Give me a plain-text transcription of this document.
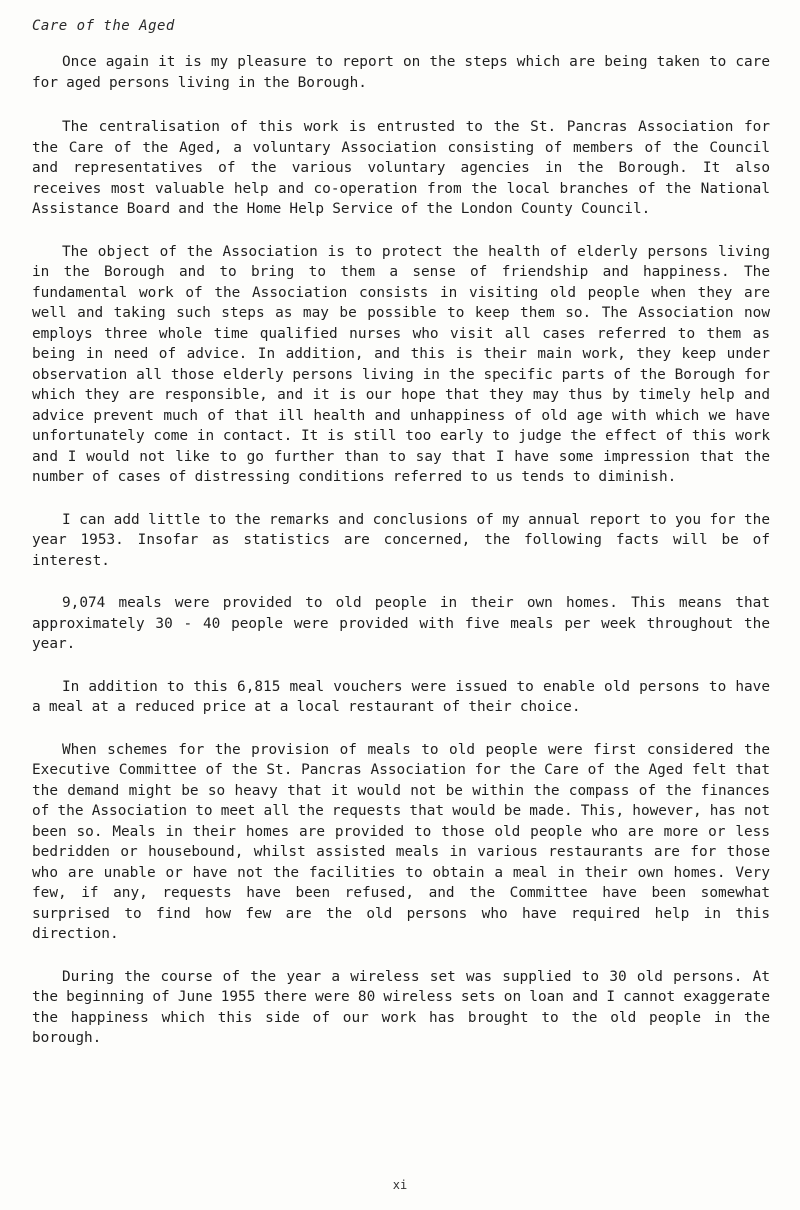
Care of the Aged

Once again it is my pleasure to report on the steps which are being taken to care for aged persons living in the Borough.

The centralisation of this work is entrusted to the St. Pancras Association for the Care of the Aged, a voluntary Association consisting of members of the Council and representatives of the various voluntary agencies in the Borough. It also receives most valuable help and co-operation from the local branches of the National Assistance Board and the Home Help Service of the London County Council.

The object of the Association is to protect the health of elderly persons living in the Borough and to bring to them a sense of friendship and happiness. The fundamental work of the Association consists in visiting old people when they are well and taking such steps as may be possible to keep them so. The Association now employs three whole time qualified nurses who visit all cases referred to them as being in need of advice. In addition, and this is their main work, they keep under observation all those elderly persons living in the specific parts of the Borough for which they are responsible, and it is our hope that they may thus by timely help and advice prevent much of that ill health and unhappiness of old age with which we have unfortunately come in contact. It is still too early to judge the effect of this work and I would not like to go further than to say that I have some impression that the number of cases of distressing conditions referred to us tends to diminish.

I can add little to the remarks and conclusions of my annual report to you for the year 1953. Insofar as statistics are concerned, the following facts will be of interest.

9,074 meals were provided to old people in their own homes. This means that approximately 30 - 40 people were provided with five meals per week throughout the year.

In addition to this 6,815 meal vouchers were issued to enable old persons to have a meal at a reduced price at a local restaurant of their choice.

When schemes for the provision of meals to old people were first considered the Executive Committee of the St. Pancras Association for the Care of the Aged felt that the demand might be so heavy that it would not be within the compass of the finances of the Association to meet all the requests that would be made. This, however, has not been so. Meals in their homes are provided to those old people who are more or less bedridden or housebound, whilst assisted meals in various restaurants are for those who are unable or have not the facilities to obtain a meal in their own homes. Very few, if any, requests have been refused, and the Committee have been somewhat surprised to find how few are the old persons who have required help in this direction.

During the course of the year a wireless set was supplied to 30 old persons. At the beginning of June 1955 there were 80 wireless sets on loan and I cannot exaggerate the happiness which this side of our work has brought to the old people in the borough.

xi
